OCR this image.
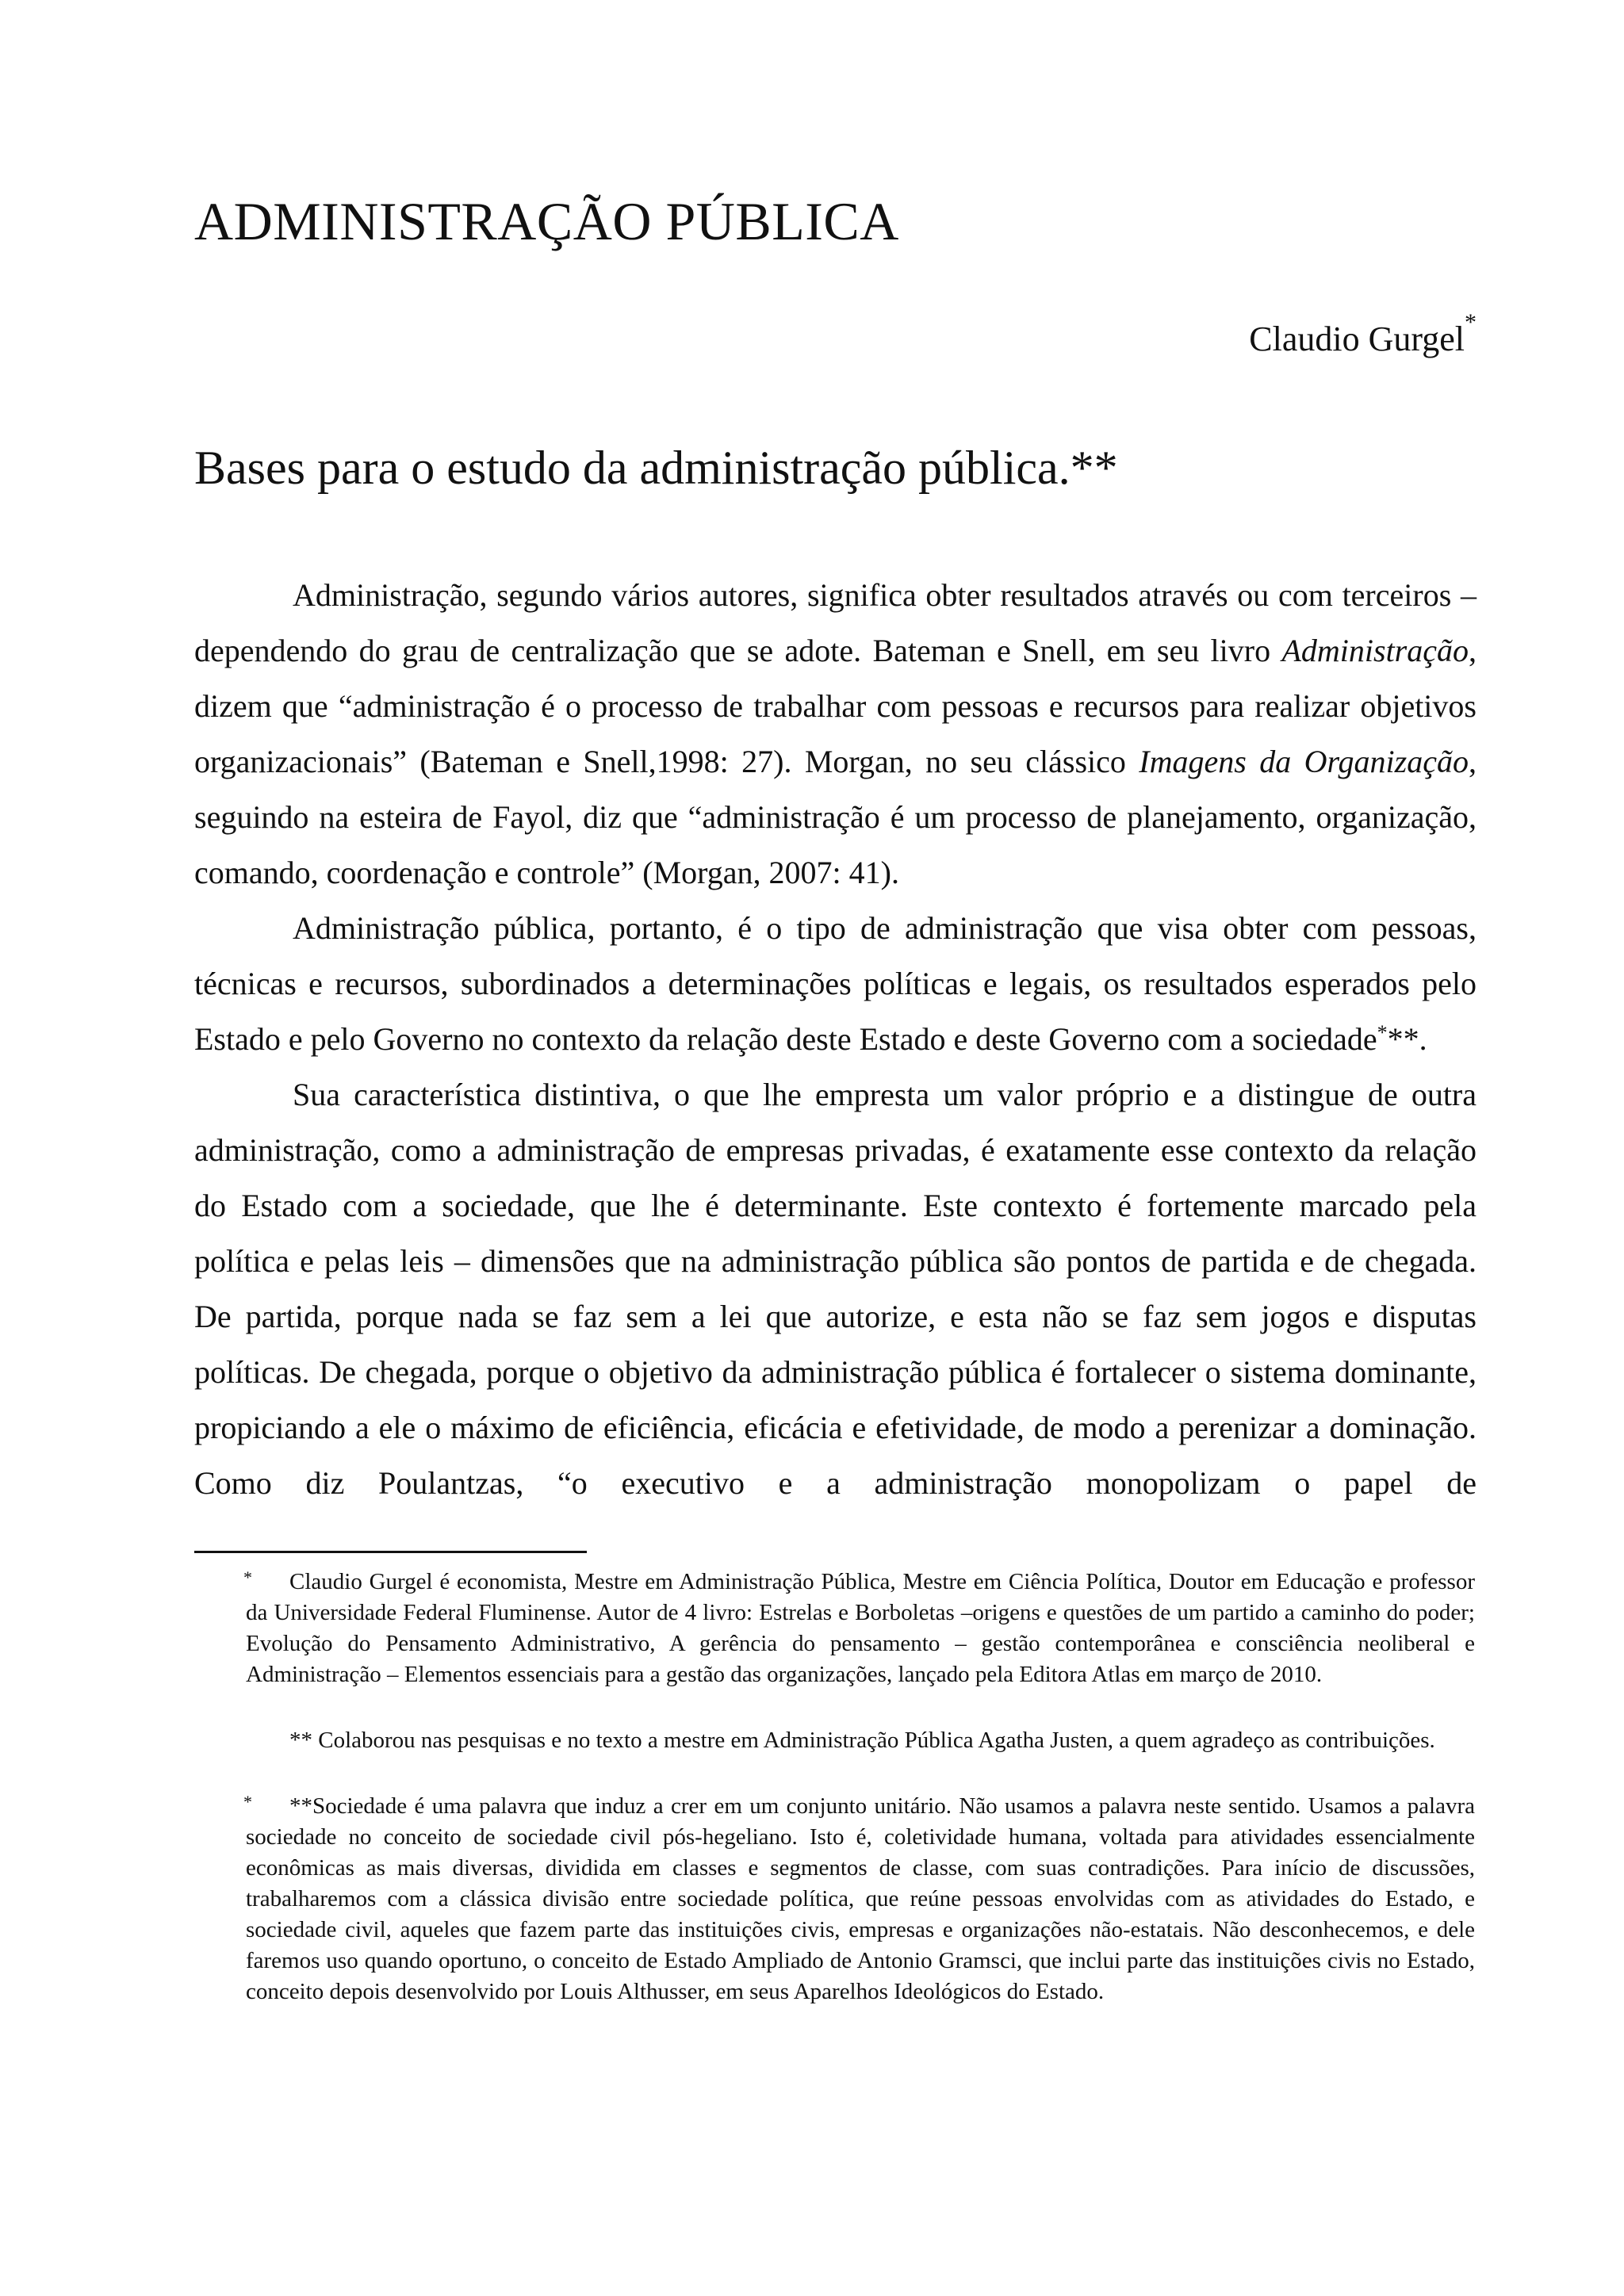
ADMINISTRAÇÃO PÚBLICA
Claudio Gurgel*
Bases para o estudo da administração pública.**

Administração, segundo vários autores, significa obter resultados através ou com terceiros – dependendo do grau de centralização que se adote. Bateman e Snell, em seu livro Administração, dizem que “administração é o processo de trabalhar com pessoas e recursos para realizar objetivos organizacionais” (Bateman e Snell,1998: 27). Morgan, no seu clássico Imagens da Organização, seguindo na esteira de Fayol, diz que “administração é um processo de planejamento, organização, comando, coordenação e controle” (Morgan, 2007: 41).

Administração pública, portanto, é o tipo de administração que visa obter com pessoas, técnicas e recursos, subordinados a determinações políticas e legais, os resultados esperados pelo Estado e pelo Governo no contexto da relação deste Estado e deste Governo com a sociedade***.

Sua característica distintiva, o que lhe empresta um valor próprio e a distingue de outra administração, como a administração de empresas privadas, é exatamente esse contexto da relação do Estado com a sociedade, que lhe é determinante. Este contexto é fortemente marcado pela política e pelas leis – dimensões que na administração pública são pontos de partida e de chegada. De partida, porque nada se faz sem a lei que autorize, e esta não se faz sem jogos e disputas políticas. De chegada, porque o objetivo da administração pública é fortalecer o sistema dominante, propiciando a ele o máximo de eficiência, eficácia e efetividade, de modo a perenizar a dominação. Como diz Poulantzas, “o executivo e a administração monopolizam o papel de

*	Claudio Gurgel é economista, Mestre em Administração Pública, Mestre em Ciência Política, Doutor em Educação e professor da Universidade Federal Fluminense. Autor de 4 livro: Estrelas e Borboletas –origens e questões de um partido a caminho do poder; Evolução do Pensamento Administrativo, A gerência do pensamento – gestão contemporânea e consciência neoliberal e Administração – Elementos essenciais para a gestão das organizações, lançado pela Editora Atlas em março de 2010.
** Colaborou nas pesquisas e no texto a mestre em Administração Pública Agatha Justen, a quem agradeço as contribuições.
*	**Sociedade é uma palavra que induz a crer em um conjunto unitário. Não usamos a palavra neste sentido. Usamos a palavra sociedade no conceito de sociedade civil pós-hegeliano. Isto é, coletividade humana, voltada para atividades essencialmente econômicas as mais diversas, dividida em classes e segmentos de classe, com suas contradições. Para início de discussões, trabalharemos com a clássica divisão entre sociedade política, que reúne pessoas envolvidas com as atividades do Estado, e sociedade civil, aqueles que fazem parte das instituições civis, empresas e organizações não-estatais. Não desconhecemos, e dele faremos uso quando oportuno, o conceito de Estado Ampliado de Antonio Gramsci, que inclui parte das instituições civis no Estado, conceito depois desenvolvido por Louis Althusser, em seus Aparelhos Ideológicos do Estado.
